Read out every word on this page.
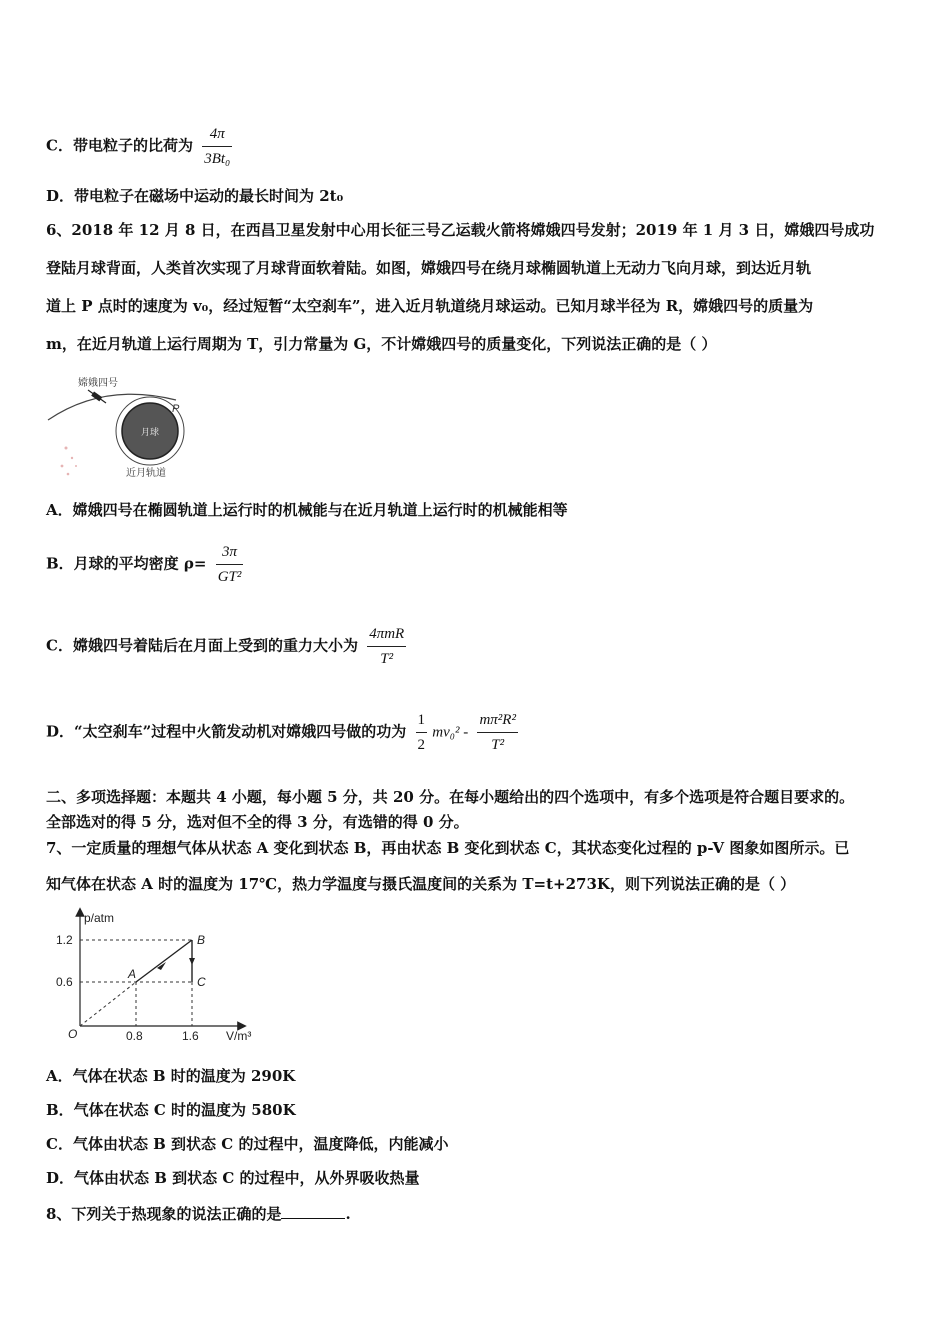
C．带电粒子的比荷为 $\frac{4\pi}{\text{3Bt₀}}$
D．带电粒子在磁场中运动的最长时间为 2t₀
6、2018 年 12 月 8 日，在西昌卫星发射中心用长征三号乙运载火箭将嫦娥四号发射；2019 年 1 月 3 日，嫦娥四号成功
登陆月球背面，人类首次实现了月球背面软着陆。如图，嫦娥四号在绕月球椭圆轨道上无动力飞向月球，到达近月轨
道上 P 点时的速度为 v₀，经过短暂“太空刹车”，进入近月轨道绕月球运动。已知月球半径为 R，嫦娥四号的质量为
m，在近月轨道上运行周期为 T，引力常量为 G，不计嫦娥四号的质量变化，下列说法正确的是（ ）
嫦娥四号
月球
P
近月轨道
A．嫦娥四号在椭圆轨道上运行时的机械能与在近月轨道上运行时的机械能相等
B．月球的平均密度 $\rho= \frac{3\pi}{\text{GT²}}$
C．嫦娥四号着陆后在月面上受到的重力大小为 $\frac{\text{4πmR}}{\text{T²}}$
D．“太空刹车”过程中火箭发动机对嫦娥四号做的功为 $\frac{1}{2} mv_0^2 - \frac{\text{mπ²R²}}{\text{T²}}$
二、多项选择题：本题共 4 小题，每小题 5 分，共 20 分。在每小题给出的四个选项中，有多个选项是符合题目要求的。
全部选对的得 5 分，选对但不全的得 3 分，有选错的得 0 分。
7、一定质量的理想气体从状态 A 变化到状态 B，再由状态 B 变化到状态 C，其状态变化过程的 p-V 图象如图所示。已
知气体在状态 A 时的温度为 17℃，热力学温度与摄氏温度间的关系为 T=t+273K，则下列说法正确的是（ ）
p/atm
V/m³
O
1.2
0.6
0.8	1.6
A
B
C
A．气体在状态 B 时的温度为 290K
B．气体在状态 C 时的温度为 580K
C．气体由状态 B 到状态 C 的过程中，温度降低，内能减小
D．气体由状态 B 到状态 C 的过程中，从外界吸收热量
8、下列关于热现象的说法正确的是	.
